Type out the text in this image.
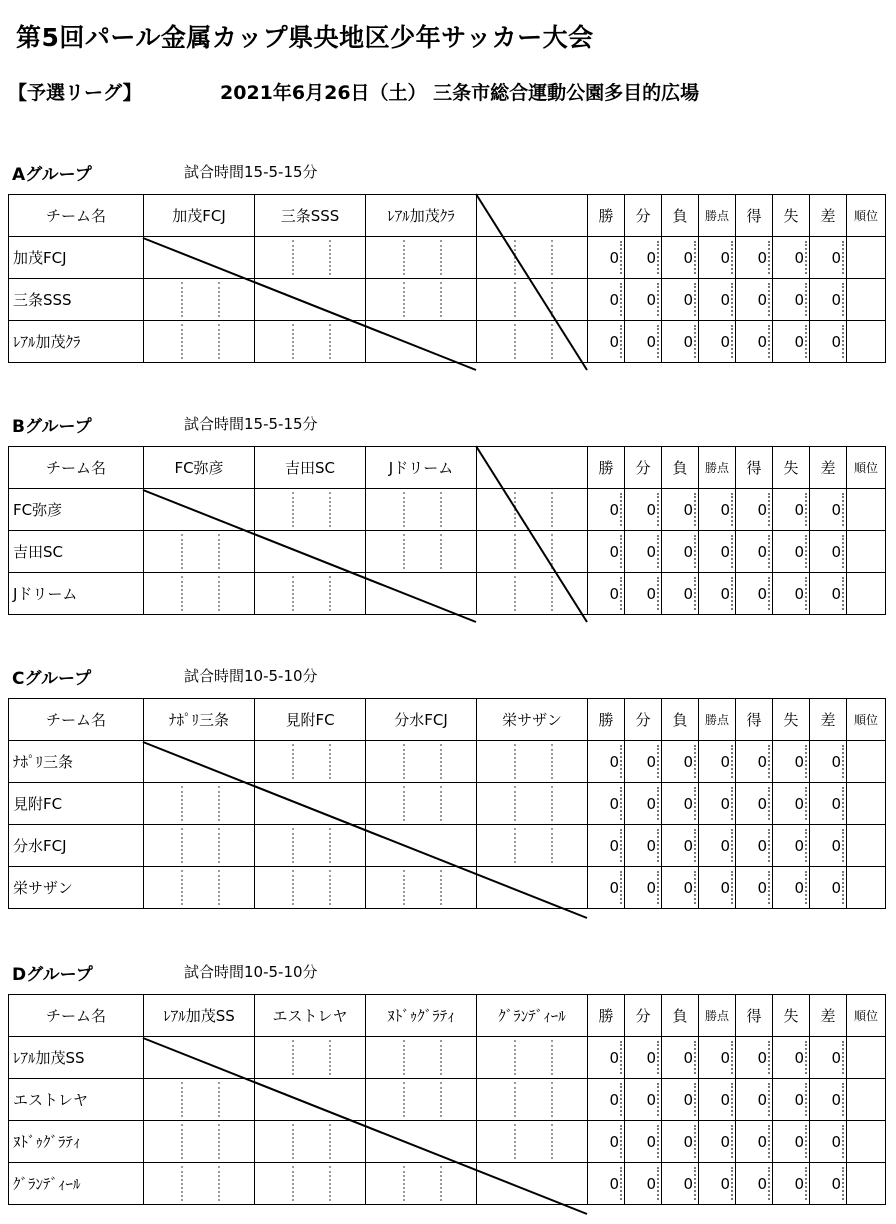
第5回パール金属カップ県央地区少年サッカー大会
【予選リーグ】	2021年6月26日（土） 三条市総合運動公園多目的広場
Aグループ	試合時間15-5-15分
チーム名	加茂FCJ	三条SSS	ﾚｱﾙ加茂ｸﾗ		勝	分	負	勝点	得	失	差	順位
加茂FCJ					0	0	0	0	0	0	0	
三条SSS					0	0	0	0	0	0	0	
ﾚｱﾙ加茂ｸﾗ					0	0	0	0	0	0	0	
Bグループ	試合時間15-5-15分
チーム名	FC弥彦	吉田SC	Jドリーム		勝	分	負	勝点	得	失	差	順位
FC弥彦					0	0	0	0	0	0	0	
吉田SC					0	0	0	0	0	0	0	
Jドリーム					0	0	0	0	0	0	0	
Cグループ	試合時間10-5-10分
チーム名	ﾅﾎﾟﾘ三条	見附FC	分水FCJ	栄サザン	勝	分	負	勝点	得	失	差	順位
ﾅﾎﾟﾘ三条					0	0	0	0	0	0	0	
見附FC					0	0	0	0	0	0	0	
分水FCJ					0	0	0	0	0	0	0	
栄サザン					0	0	0	0	0	0	0	
Dグループ	試合時間10-5-10分
チーム名	ﾚｱﾙ加茂SS	エストレヤ	ﾇﾄﾞｩｸﾞﾗﾃｨ	ｸﾞﾗﾝﾃﾞｨｰﾙ	勝	分	負	勝点	得	失	差	順位
ﾚｱﾙ加茂SS					0	0	0	0	0	0	0	
エストレヤ					0	0	0	0	0	0	0	
ﾇﾄﾞｩｸﾞﾗﾃｨ					0	0	0	0	0	0	0	
ｸﾞﾗﾝﾃﾞｨｰﾙ					0	0	0	0	0	0	0	
